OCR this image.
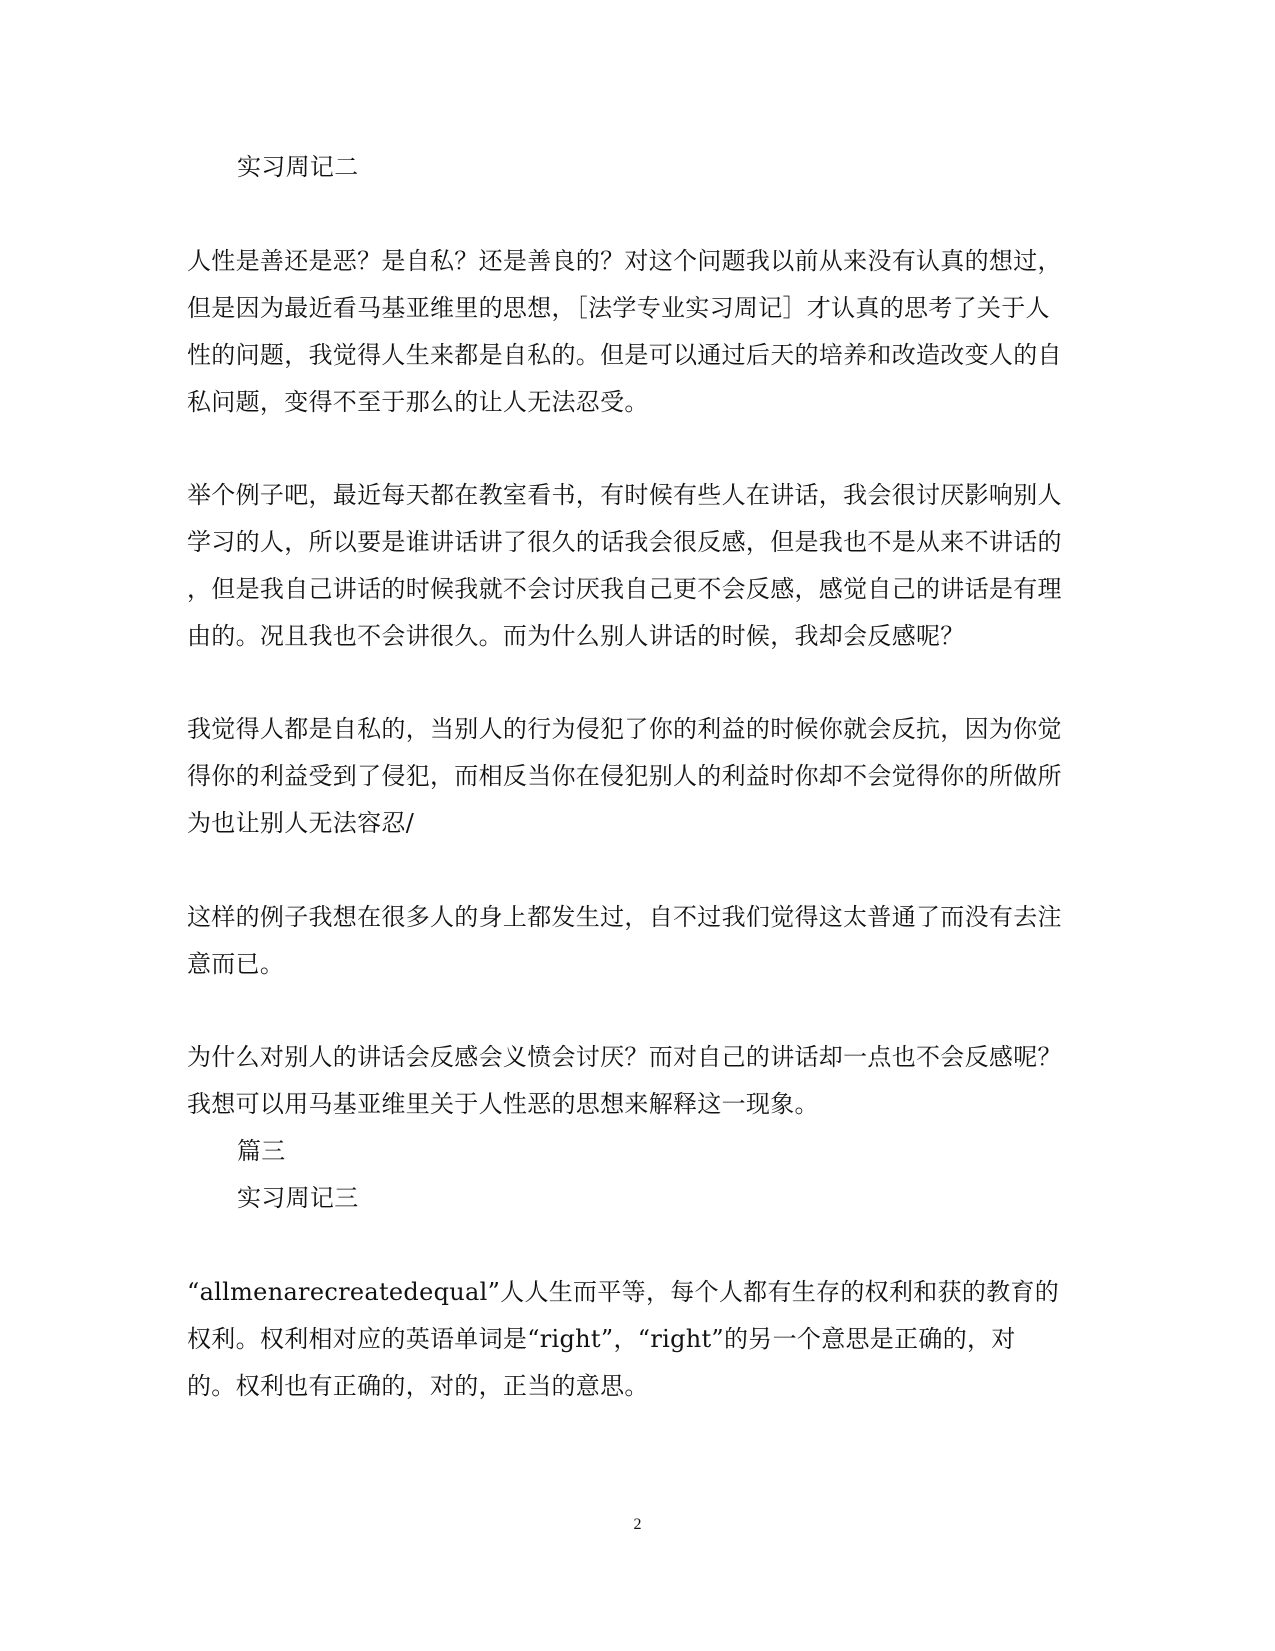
实习周记二
人性是善还是恶？是自私？还是善良的？对这个问题我以前从来没有认真的想过，
但是因为最近看马基亚维里的思想，［法学专业实习周记］才认真的思考了关于人
性的问题，我觉得人生来都是自私的。但是可以通过后天的培养和改造改变人的自
私问题，变得不至于那么的让人无法忍受。
举个例子吧，最近每天都在教室看书，有时候有些人在讲话，我会很讨厌影响别人
学习的人，所以要是谁讲话讲了很久的话我会很反感，但是我也不是从来不讲话的
，但是我自己讲话的时候我就不会讨厌我自己更不会反感，感觉自己的讲话是有理
由的。况且我也不会讲很久。而为什么别人讲话的时候，我却会反感呢？
我觉得人都是自私的，当别人的行为侵犯了你的利益的时候你就会反抗，因为你觉
得你的利益受到了侵犯，而相反当你在侵犯别人的利益时你却不会觉得你的所做所
为也让别人无法容忍/
这样的例子我想在很多人的身上都发生过，自不过我们觉得这太普通了而没有去注
意而已。
为什么对别人的讲话会反感会义愤会讨厌？而对自己的讲话却一点也不会反感呢？
我想可以用马基亚维里关于人性恶的思想来解释这一现象。
篇三
实习周记三
“allmenarecreatedequal”人人生而平等，每个人都有生存的权利和获的教育的
权利。权利相对应的英语单词是“right”，“right”的另一个意思是正确的，对
的。权利也有正确的，对的，正当的意思。
2
